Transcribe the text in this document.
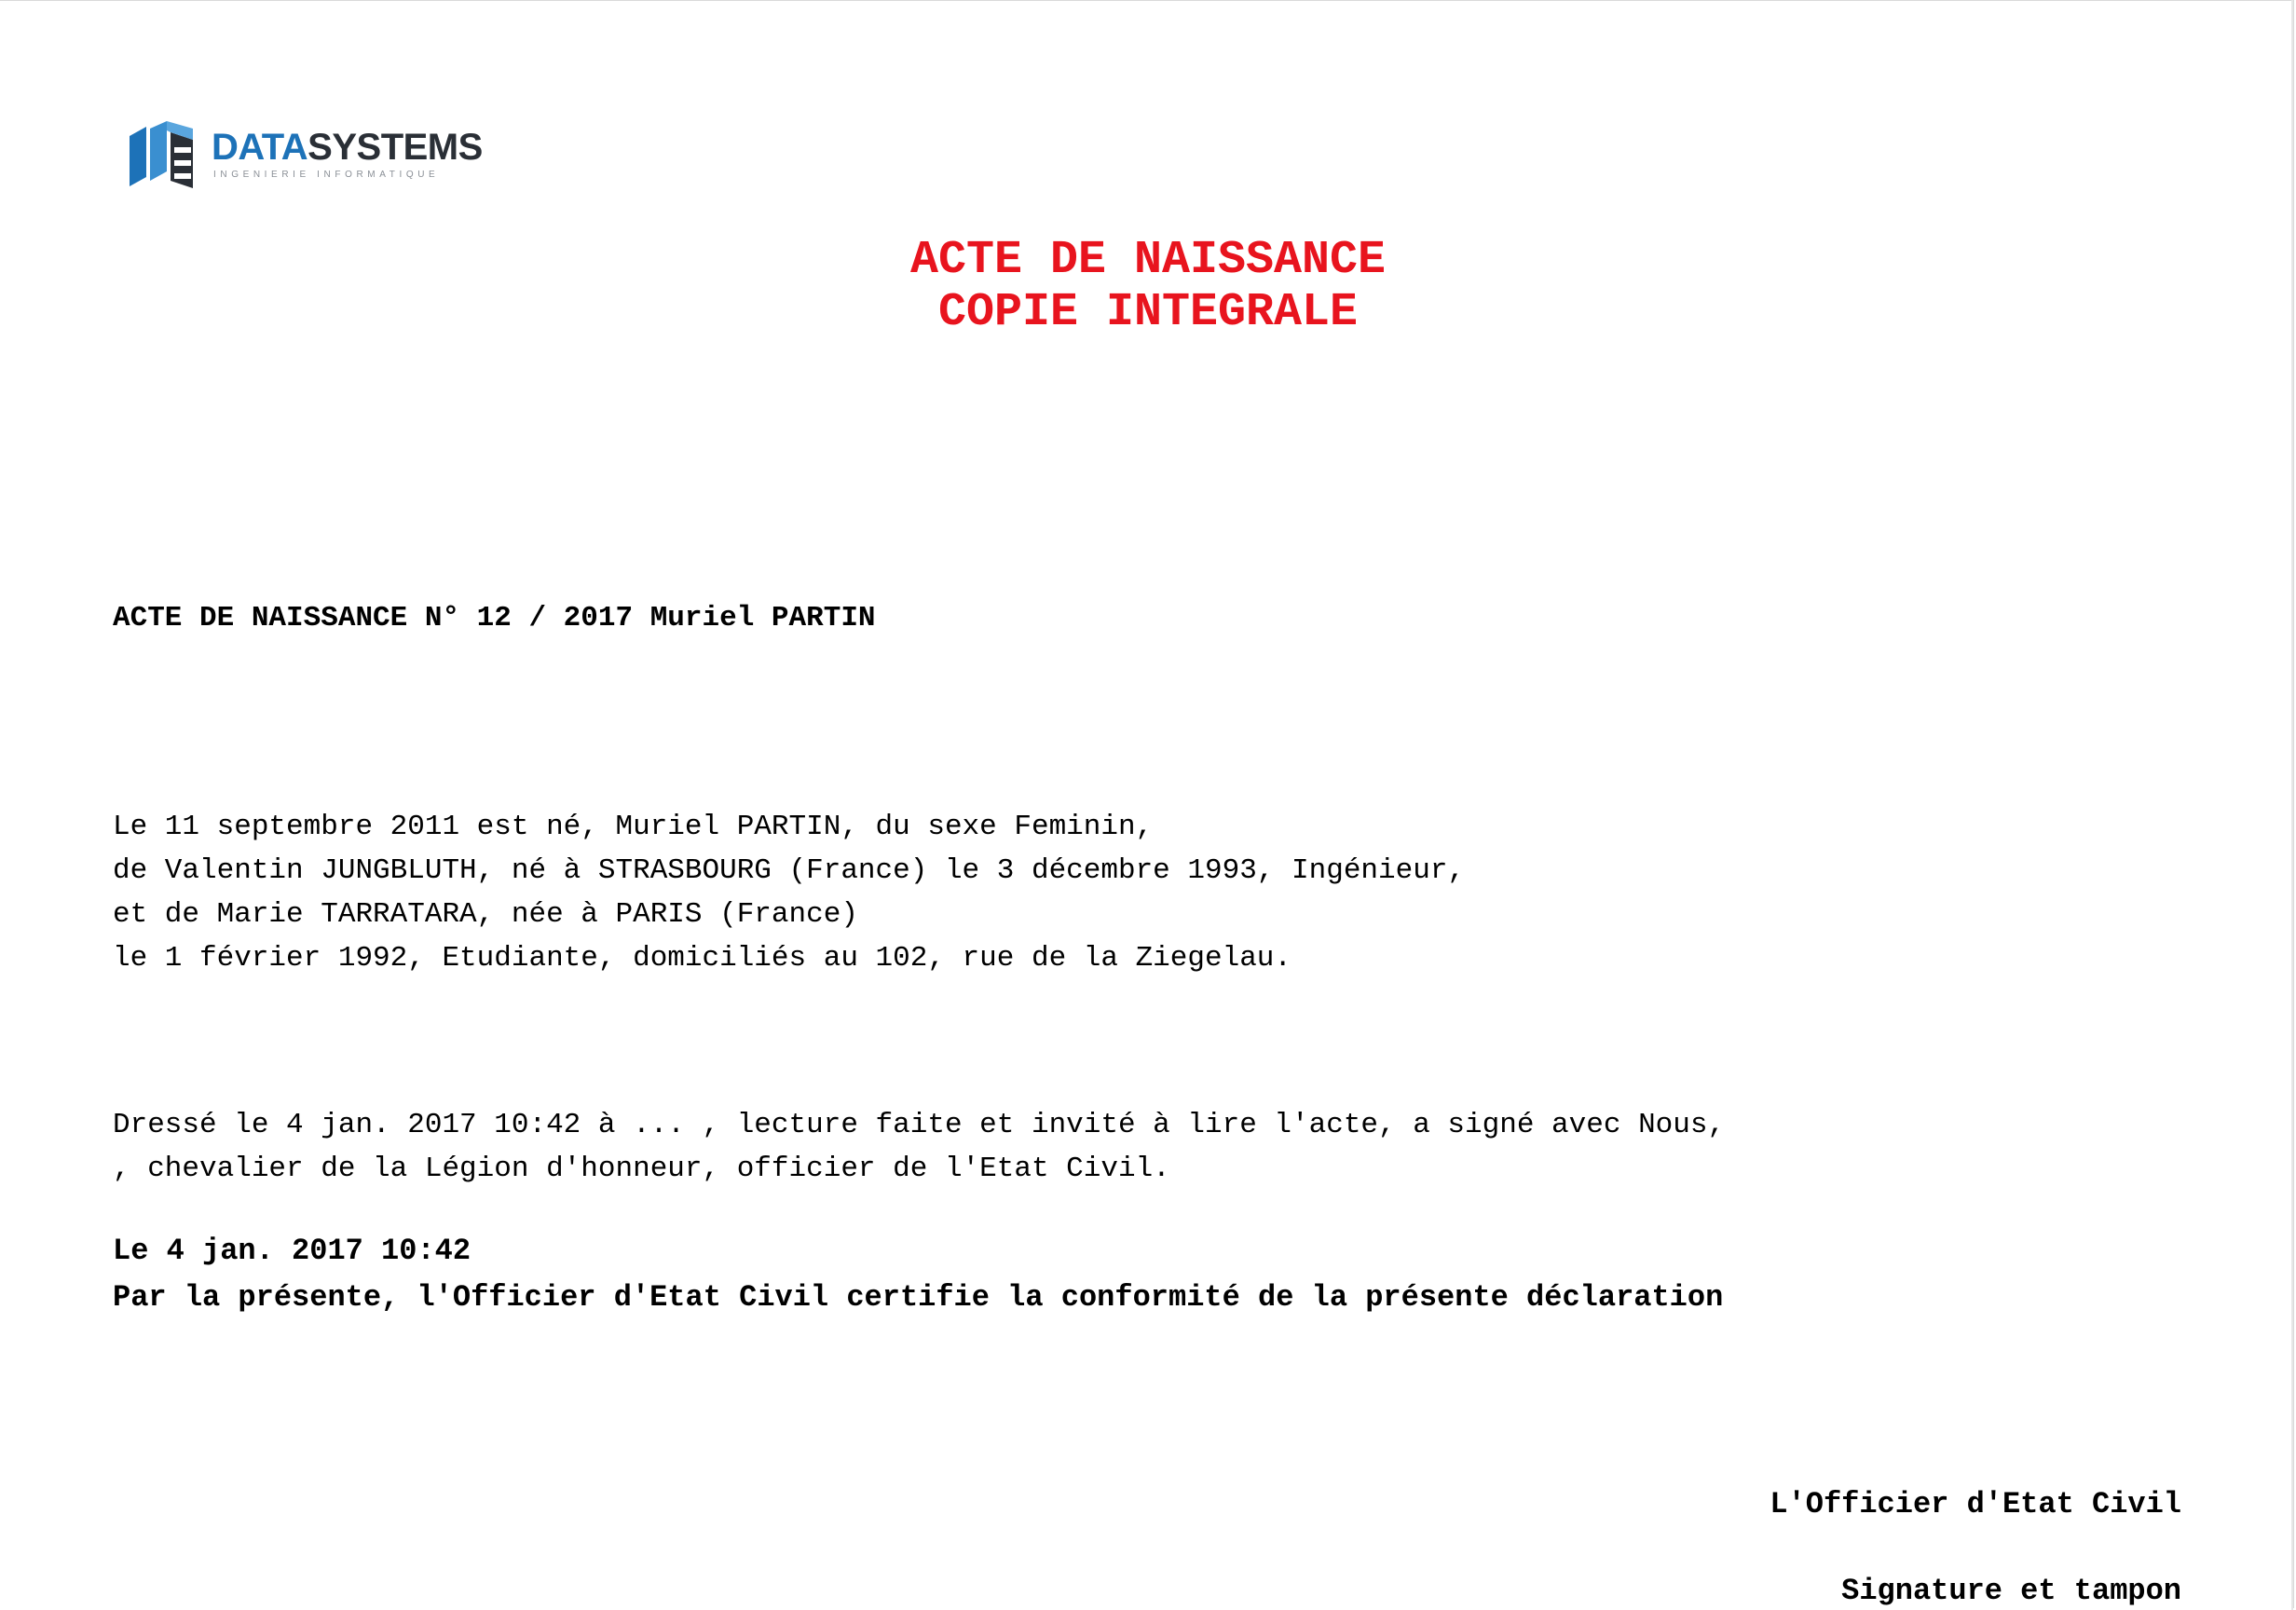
DATASYSTEMS
INGENIERIE INFORMATIQUE
ACTE DE NAISSANCE
COPIE INTEGRALE
ACTE DE NAISSANCE N° 12 / 2017 Muriel PARTIN
Le 11 septembre 2011 est né, Muriel PARTIN, du sexe Feminin,
de Valentin JUNGBLUTH, né à STRASBOURG (France) le 3 décembre 1993, Ingénieur,
et de Marie TARRATARA, née à PARIS (France)
le 1 février 1992, Etudiante, domiciliés au 102, rue de la Ziegelau.
Dressé le 4 jan. 2017 10:42 à ... , lecture faite et invité à lire l'acte, a signé avec Nous,
, chevalier de la Légion d'honneur, officier de l'Etat Civil.
Le 4 jan. 2017 10:42
Par la présente, l'Officier d'Etat Civil certifie la conformité de la présente déclaration
L'Officier d'Etat Civil
Signature et tampon
